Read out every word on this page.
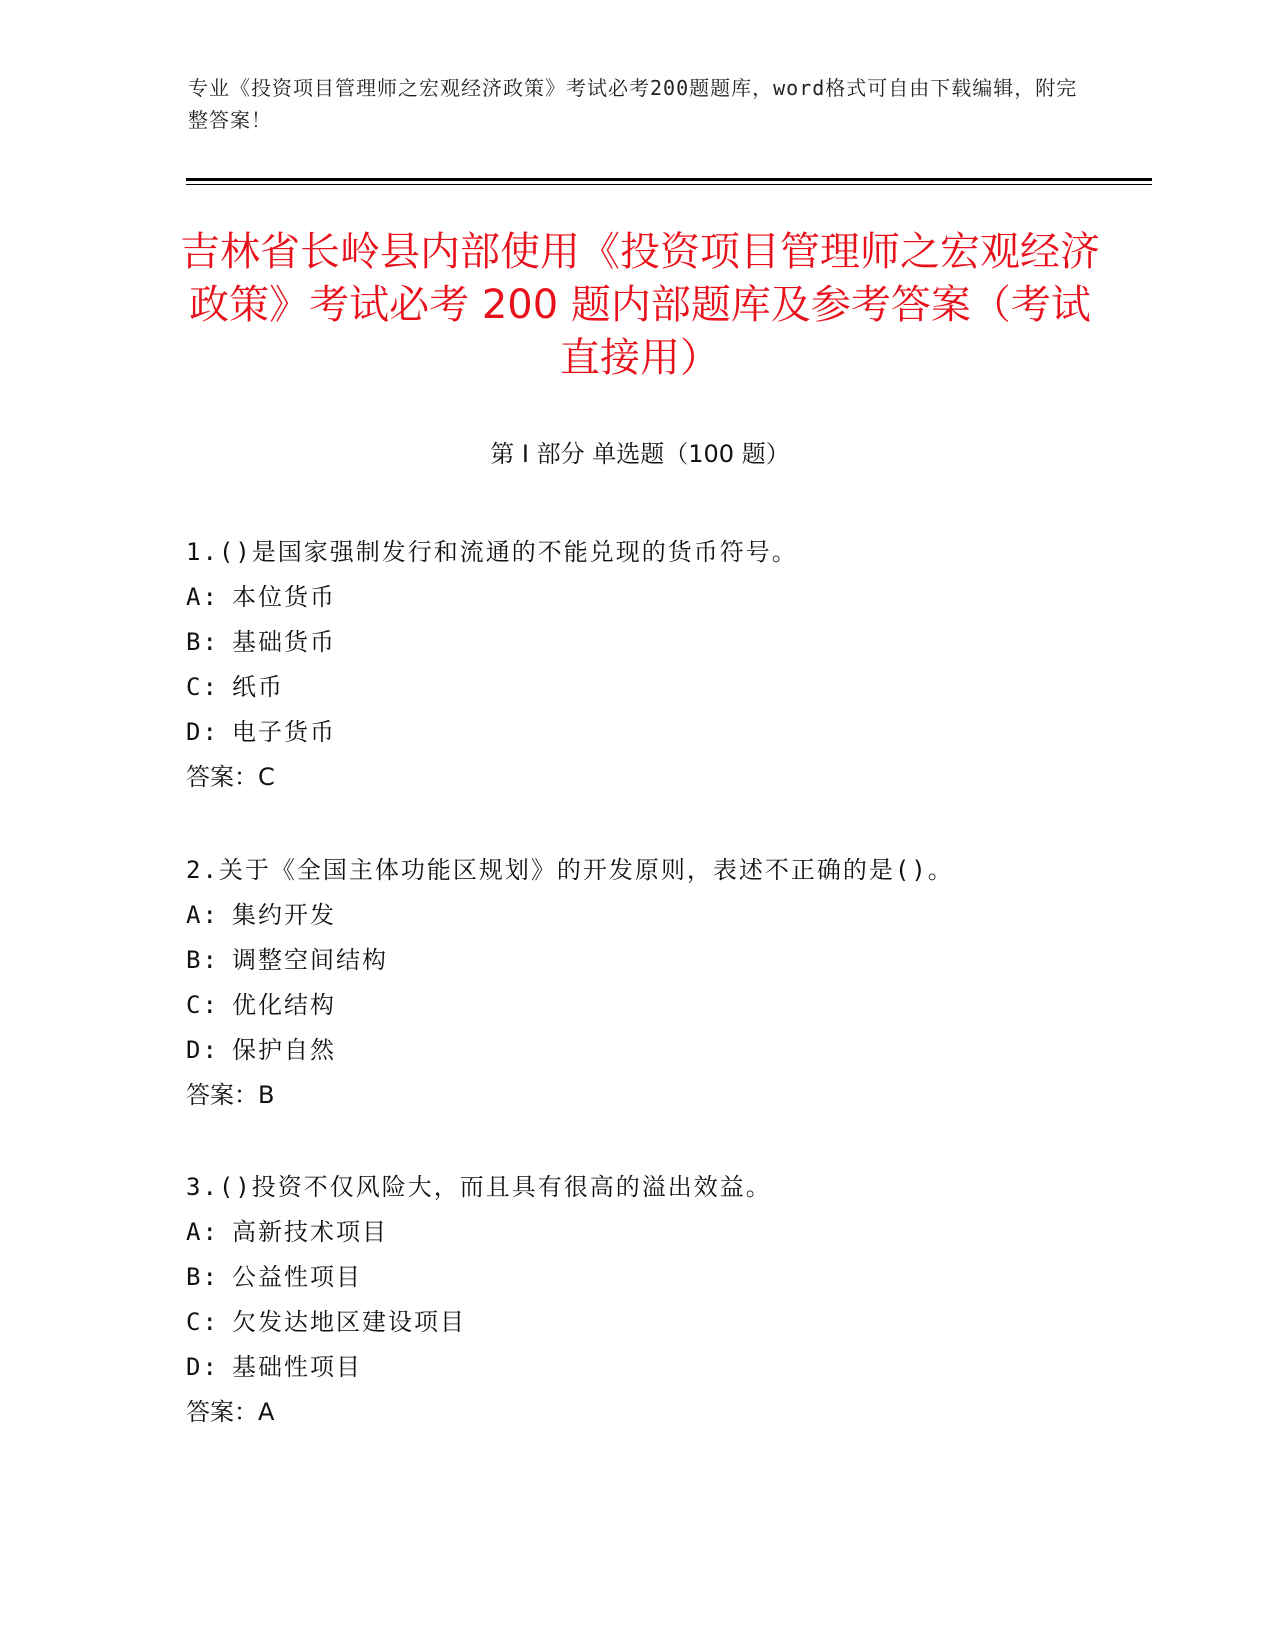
专业《投资项目管理师之宏观经济政策》考试必考200题题库，word格式可自由下载编辑，附完整答案！
吉林省长岭县内部使用《投资项目管理师之宏观经济政策》考试必考 200 题内部题库及参考答案（考试直接用）
第 I 部分 单选题（100 题）
1.()是国家强制发行和流通的不能兑现的货币符号。
A: 本位货币
B: 基础货币
C: 纸币
D: 电子货币
答案：C
2.关于《全国主体功能区规划》的开发原则，表述不正确的是()。
A: 集约开发
B: 调整空间结构
C: 优化结构
D: 保护自然
答案：B
3.()投资不仅风险大，而且具有很高的溢出效益。
A: 高新技术项目
B: 公益性项目
C: 欠发达地区建设项目
D: 基础性项目
答案：A
